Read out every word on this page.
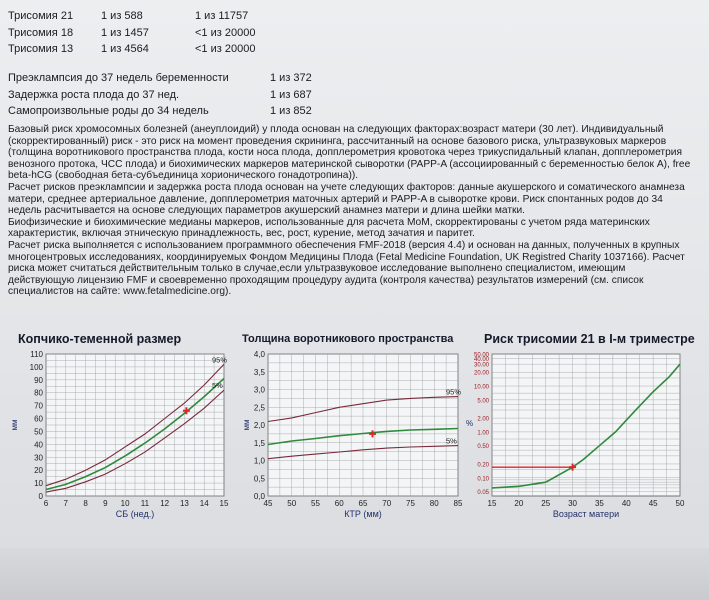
Трисомия 21	1 из 588	1 из 11757
Трисомия 18	1 из 1457	<1 из 20000
Трисомия 13	1 из 4564	<1 из 20000
Преэклампсия до 37 недель беременности	1 из 372
Задержка роста плода до 37 нед.	1 из 687
Самопроизвольные роды до 34 недель	1 из 852

Базовый риск хромосомных болезней (анеуплоидий) у плода основан на следующих факторах:возраст матери (30 лет). Индивидуальный
(скорректированный) риск - это риск на момент проведения скрининга, рассчитанный на основе базового риска, ультразвуковых маркеров
(толщина воротникового пространства плода, кости носа плода, допплерометрия кровотока через трикуспидальный клапан, допплерометрия
венозного протока, ЧСС плода) и биохимических маркеров материнской сыворотки (PAPP-A (ассоциированный с беременностью белок А), free
beta-hCG (свободная бета-субъединица хорионического гонадотропина)).

Расчет рисков преэклампсии и задержка роста плода основан на учете следующих факторов: данные акушерского и соматического анамнеза
матери, среднее артериальное давление, допплерометрия маточных артерий и PAPP-A в сыворотке крови. Риск спонтанных родов до 34
недель расчитывается на основе следующих параметров акушерский анамнез матери и длина шейки матки.

Биофизические и биохимические медианы маркеров, использованные для расчета МоМ, скорректированы с учетом ряда материнских
характеристик, включая этническую принадлежность, вес, рост, курение, метод зачатия и паритет.

Расчет риска выполняется с использованием программного обеспечения FMF-2018 (версия 4.4) и основан на данных, полученных в крупных
многоцентровых исследованиях, координируемых Фондом Медицины Плода (Fetal Medicine Foundation, UK Registred Charity 1037166). Расчет
риска может считаться действительным только в случае,если ультразвуковое исследование выполнено специалистом, имеющим
действующую лицензию FMF и своевременно проходящим процедуру аудита (контроля качества) результатов измерений (см. список
специалистов на сайте: www.fetalmedicine.org).

Копчико-теменной размер
6 7 8 9 10 11 12 13 14 15
0
10
20
30
40
50
60
70
80
90
100
110
95%
5%
СБ (нед.)
мм
Толщина воротникового пространства
45 50 55 60 65 70 75 80 85
0,0
0,5
1,0
1,5
2,0
2,5
3,0
3,5
4,0
95%
5%
КТР (мм)
мм
Риск трисомии 21 в I-м триместре
15 20 25 30 35 40 45 50
0.05
0.10
0.20
0.50
1.00
2.00
5.00
10.00
20.00
30.00
40.00
50.00
Возраст матери
%
